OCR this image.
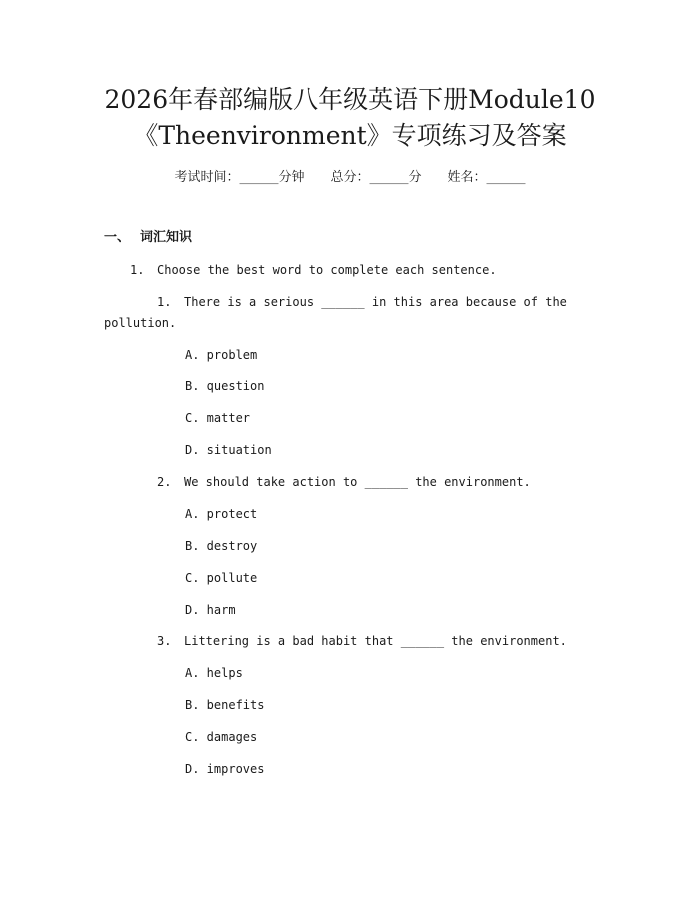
2026年春部编版八年级英语下册Module10
《Theenvironment》专项练习及答案
考试时间：______分钟 总分：______分 姓名：______
一、 词汇知识
1. Choose the best word to complete each sentence.
1. There is a serious ______ in this area because of the
pollution.
A. problem
B. question
C. matter
D. situation
2. We should take action to ______ the environment.
A. protect
B. destroy
C. pollute
D. harm
3. Littering is a bad habit that ______ the environment.
A. helps
B. benefits
C. damages
D. improves
